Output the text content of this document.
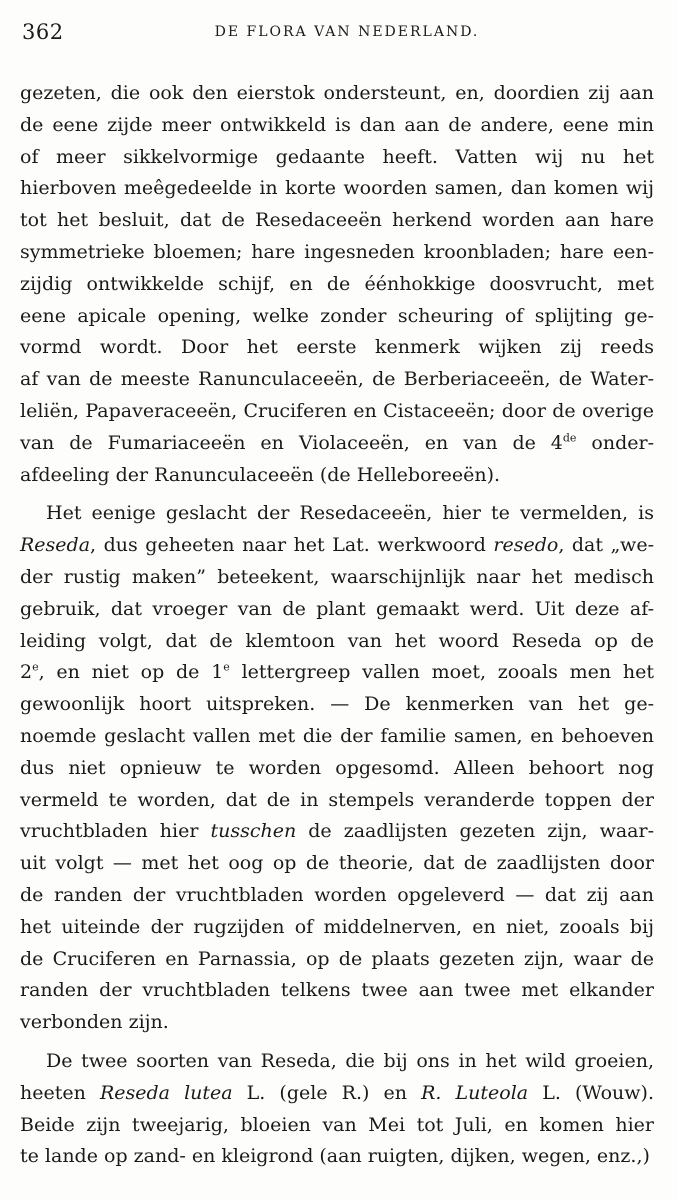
362	DE FLORA VAN NEDERLAND.
gezeten, die ook den eierstok ondersteunt, en, doordien zij aan
de eene zijde meer ontwikkeld is dan aan de andere, eene min
of meer sikkelvormige gedaante heeft. Vatten wij nu het
hierboven meêgedeelde in korte woorden samen, dan komen wij
tot het besluit, dat de Resedaceeën herkend worden aan hare
symmetrieke bloemen; hare ingesneden kroonbladen; hare een-
zijdig ontwikkelde schijf, en de éénhokkige doosvrucht, met
eene apicale opening, welke zonder scheuring of splijting ge-
vormd wordt. Door het eerste kenmerk wijken zij reeds
af van de meeste Ranunculaceeën, de Berberiaceeën, de Water-
leliën, Papaveraceeën, Cruciferen en Cistaceeën; door de overige
van de Fumariaceeën en Violaceeën, en van de 4de onder-
afdeeling der Ranunculaceeën (de Helleboreeën).
Het eenige geslacht der Resedaceeën, hier te vermelden, is
Reseda, dus geheeten naar het Lat. werkwoord resedo, dat „we-
der rustig maken” beteekent, waarschijnlijk naar het medisch
gebruik, dat vroeger van de plant gemaakt werd. Uit deze af-
leiding volgt, dat de klemtoon van het woord Reseda op de
2e, en niet op de 1e lettergreep vallen moet, zooals men het
gewoonlijk hoort uitspreken. — De kenmerken van het ge-
noemde geslacht vallen met die der familie samen, en behoeven
dus niet opnieuw te worden opgesomd. Alleen behoort nog
vermeld te worden, dat de in stempels veranderde toppen der
vruchtbladen hier tusschen de zaadlijsten gezeten zijn, waar-
uit volgt — met het oog op de theorie, dat de zaadlijsten door
de randen der vruchtbladen worden opgeleverd — dat zij aan
het uiteinde der rugzijden of middelnerven, en niet, zooals bij
de Cruciferen en Parnassia, op de plaats gezeten zijn, waar de
randen der vruchtbladen telkens twee aan twee met elkander
verbonden zijn.
De twee soorten van Reseda, die bij ons in het wild groeien,
heeten Reseda lutea L. (gele R.) en R. Luteola L. (Wouw).
Beide zijn tweejarig, bloeien van Mei tot Juli, en komen hier
te lande op zand- en kleigrond (aan ruigten, dijken, wegen, enz.,)
